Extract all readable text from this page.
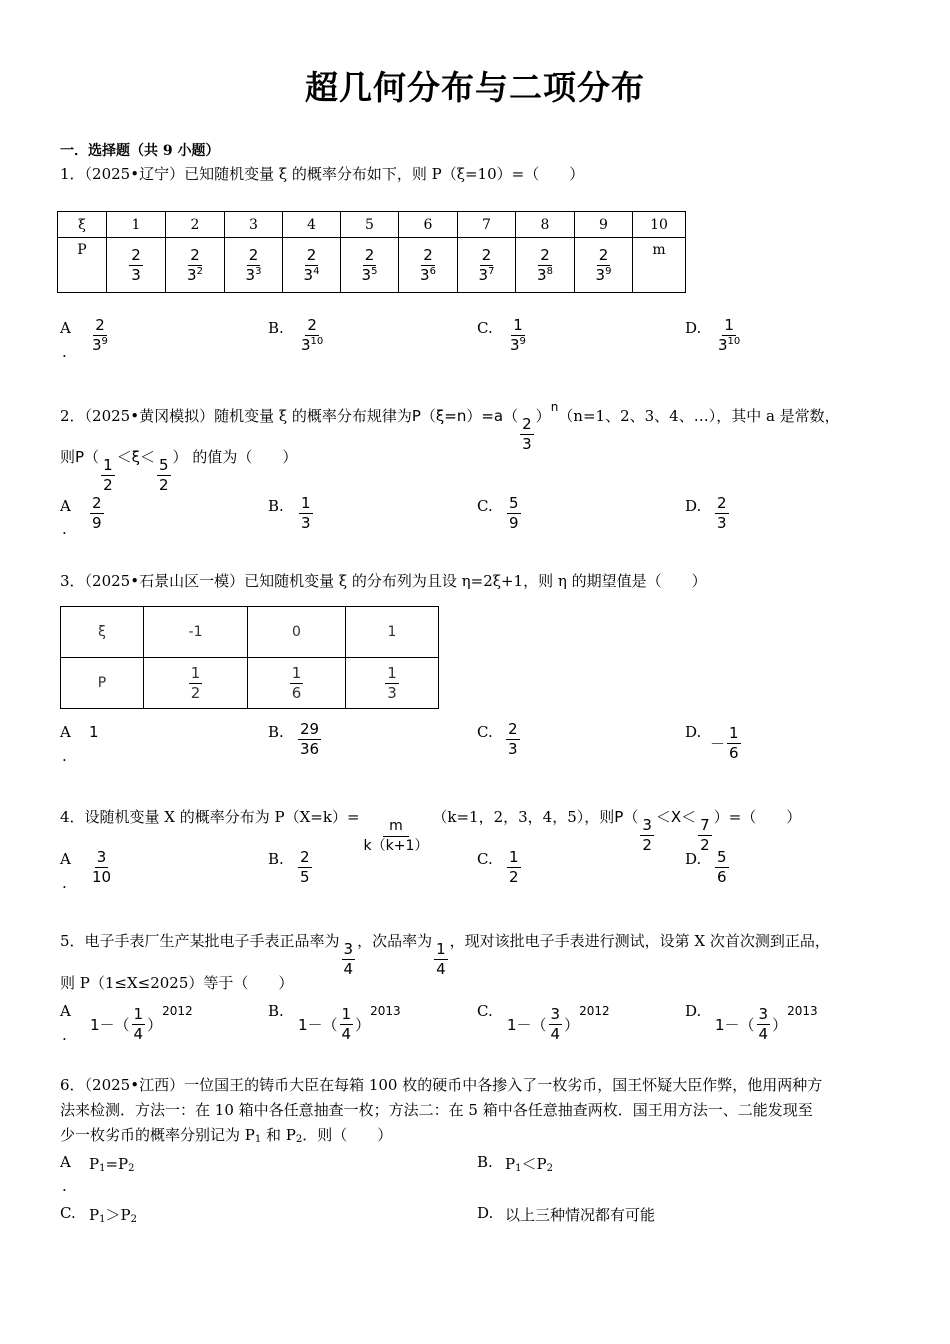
超几何分布与二项分布
一．选择题（共 9 小题）
1．（2025•辽宁）已知随机变量 ξ 的概率分布如下，则 P（ξ=10）=（　　）
ξ	1	2	3	4	5	6	7	8	9	10
P	$\frac{2}{3}$	$\frac{2}{3^2}$	$\frac{2}{3^3}$	$\frac{2}{3^4}$	$\frac{2}{3^5}$	$\frac{2}{3^6}$	$\frac{2}{3^7}$	$\frac{2}{3^8}$	$\frac{2}{3^9}$	m
A
. $\frac{2}{3^9}$	B. $\frac{2}{3^{10}}$	C. $\frac{1}{3^9}$	D. $\frac{1}{3^{10}}$
2．（2025•黄冈模拟）随机变量 ξ 的概率分布规律为$P(\xi=n)=a( \frac{2}{3} )^n(n=1$、2、3、4、…），其中 a 是常数，
则$P( \frac{1}{2} <\xi< \frac{5}{2}$ ） 的值为（　　）
A
. $\frac{2}{9}$	B. $\frac{1}{3}$	C. $\frac{5}{9}$	D. $\frac{2}{3}$
3．（2025•石景山区一模）已知随机变量 ξ 的分布列为且设 η=2ξ+1，则 η 的期望值是（　　）
ξ	-1	0	1
P	$\frac{1}{2}$	$\frac{1}{6}$	$\frac{1}{3}$
A
.
1	B. $\frac{29}{36}$	C. $\frac{2}{3}$	D.
－ $\frac{1}{6}$
4．设随机变量 X 的概率分布为 P（X=k）=
$\frac{m}{k(k+1)}$
（k=1，2，3，4，5），则$P( \frac{3}{2} <X< \frac{7}{2}$ ）=（　　）
A
. $\frac{3}{10}$	B. $\frac{2}{5}$	C. $\frac{1}{2}$	D. $\frac{5}{6}$
5．电子手表厂生产某批电子手表正品率为 $\frac{3}{4}$ ，次品率为 $\frac{1}{4}$ ，现对该批电子手表进行测试，设第 X 次首次测到正品，
则 P（1≤X≤2025）等于（　　）
A
.
$1-( \frac{1}{4} )^{2012}$	B.
$1-( \frac{1}{4} )^{2013}$	C.
$1-( \frac{3}{4} )^{2012}$	D.
$1-( \frac{3}{4} )^{2013}$
6．（2025•江西）一位国王的铸币大臣在每箱 100 枚的硬币中各掺入了一枚劣币，国王怀疑大臣作弊，他用两种方
法来检测．方法一：在 10 箱中各任意抽查一枚；方法二：在 5 箱中各任意抽查两枚．国王用方法一、二能发现至
少一枚劣币的概率分别记为 $P_1$ 和 $P_2$．则（　　）
A
.
$P_1=P_2$	B. $P_1<P_2$
C. $P_1>P_2$	D. 以上三种情况都有可能
